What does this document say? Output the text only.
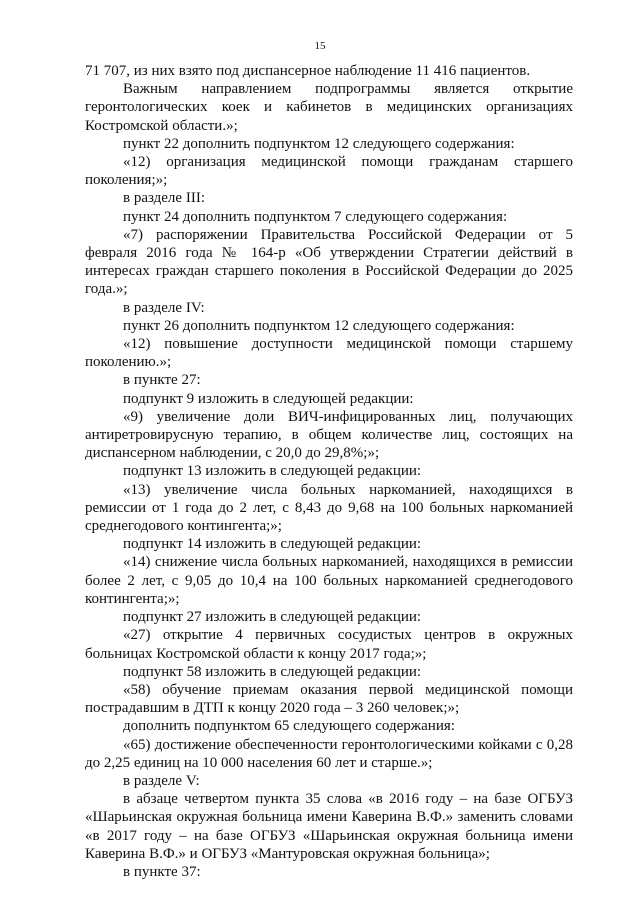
15

71 707, из них взято под диспансерное наблюдение 11 416 пациентов.

Важным направлением подпрограммы является открытие геронтологических коек и кабинетов в медицинских организациях Костромской области.»;

пункт 22 дополнить подпунктом 12 следующего содержания:

«12) организация медицинской помощи гражданам старшего поколения;»;

в разделе III:

пункт 24 дополнить подпунктом 7 следующего содержания:

«7) распоряжении Правительства Российской Федерации от 5 февраля 2016 года № 164-р «Об утверждении Стратегии действий в интересах граждан старшего поколения в Российской Федерации до 2025 года.»;

в разделе IV:

пункт 26 дополнить подпунктом 12 следующего содержания:

«12) повышение доступности медицинской помощи старшему поколению.»;

в пункте 27:

подпункт 9 изложить в следующей редакции:

«9) увеличение доли ВИЧ-инфицированных лиц, получающих антиретровирусную терапию, в общем количестве лиц, состоящих на диспансерном наблюдении, с 20,0 до 29,8%;»;

подпункт 13 изложить в следующей редакции:

«13) увеличение числа больных наркоманией, находящихся в ремиссии от 1 года до 2 лет, с 8,43 до 9,68 на 100 больных наркоманией среднегодового контингента;»;

подпункт 14 изложить в следующей редакции:

«14) снижение числа больных наркоманией, находящихся в ремиссии более 2 лет, с 9,05 до 10,4 на 100 больных наркоманией среднегодового контингента;»;

подпункт 27 изложить в следующей редакции:

«27) открытие 4 первичных сосудистых центров в окружных больницах Костромской области к концу 2017 года;»;

подпункт 58 изложить в следующей редакции:

«58) обучение приемам оказания первой медицинской помощи пострадавшим в ДТП к концу 2020 года – 3 260 человек;»;

дополнить подпунктом 65 следующего содержания:

«65) достижение обеспеченности геронтологическими койками с 0,28 до 2,25 единиц на 10 000 населения 60 лет и старше.»;

в разделе V:

в абзаце четвертом пункта 35 слова «в 2016 году – на базе ОГБУЗ «Шарьинская окружная больница имени Каверина В.Ф.» заменить словами «в 2017 году – на базе ОГБУЗ «Шарьинская окружная больница имени Каверина В.Ф.» и ОГБУЗ «Мантуровская окружная больница»;

в пункте 37:
